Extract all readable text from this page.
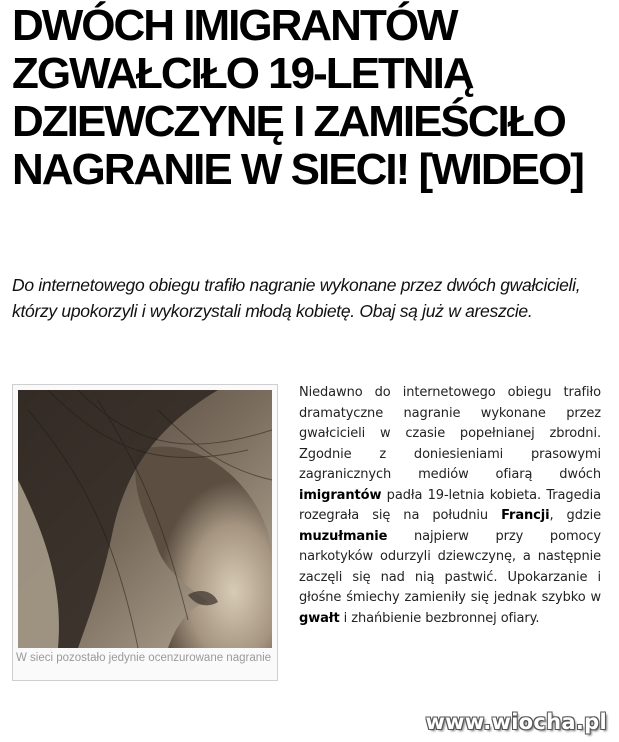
DWÓCH IMIGRANTÓW ZGWAŁCIŁO 19-LETNIĄ DZIEWCZYNĘ I ZAMIEŚCIŁO NAGRANIE W SIECI! [WIDEO]

Do internetowego obiegu trafiło nagranie wykonane przez dwóch gwałcicieli, którzy upokorzyli i wykorzystali młodą kobietę. Obaj są już w areszcie.

W sieci pozostało jedynie ocenzurowane nagranie

Niedawno do internetowego obiegu trafiło dramatyczne nagranie wykonane przez gwałcicieli w czasie popełnianej zbrodni. Zgodnie z doniesieniami prasowymi zagranicznych mediów ofiarą dwóch imigrantów padła 19-letnia kobieta. Tragedia rozegrała się na południu Francji, gdzie muzułmanie najpierw przy pomocy narkotyków odurzyli dziewczynę, a następnie zaczęli się nad nią pastwić. Upokarzanie i głośne śmiechy zamieniły się jednak szybko w gwałt i zhańbienie bezbronnej ofiary.

www.wiocha.pl
